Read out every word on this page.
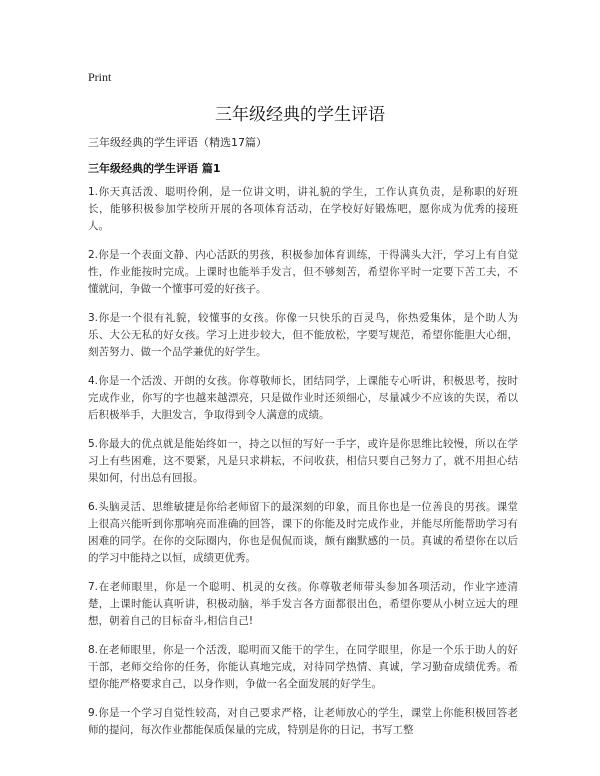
Print
三年级经典的学生评语
三年级经典的学生评语（精选17篇）
三年级经典的学生评语 篇1

1.你天真活泼、聪明伶俐，是一位讲文明，讲礼貌的学生，工作认真负责，是称职的好班长，能够积极参加学校所开展的各项体育活动，在学校好好锻炼吧，愿你成为优秀的接班人。

2.你是一个表面文静、内心活跃的男孩，积极参加体育训练，干得满头大汗，学习上有自觉性，作业能按时完成。上课时也能举手发言，但不够刻苦，希望你平时一定要下苦工夫，不懂就问，争做一个懂事可爱的好孩子。

3.你是一个很有礼貌，较懂事的女孩。你像一只快乐的百灵鸟，你热爱集体，是个助人为乐、大公无私的好女孩。学习上进步较大，但不能放松，字要写规范，希望你能胆大心细，刻苦努力、做一个品学兼优的好学生。

4.你是一个活泼、开朗的女孩。你尊敬师长，团结同学，上课能专心听讲，积极思考，按时完成作业，你写的字也越来越漂亮，只是做作业时还须细心，尽量减少不应该的失误，希以后积极举手，大胆发言，争取得到令人满意的成绩。

5.你最大的优点就是能始终如一，持之以恒的写好一手字，或许是你思维比较慢，所以在学习上有些困难，这不要紧，凡是只求耕耘，不问收获，相信只要自己努力了，就不用担心结果如何，付出总有回报。

6.头脑灵活、思维敏捷是你给老师留下的最深刻的印象，而且你也是一位善良的男孩。课堂上很高兴能听到你那响亮而准确的回答，课下的你能及时完成作业，并能尽所能帮助学习有困难的同学。在你的交际圈内，你也是侃侃而谈，颇有幽默感的一员。真诚的希望你在以后的学习中能持之以恒，成绩更优秀。

7.在老师眼里，你是一个聪明、机灵的女孩。你尊敬老师带头参加各项活动，作业字迹清楚，上课时能认真听讲，积极动脑，举手发言各方面都很出色，希望你要从小树立远大的理想，朝着自己的目标奋斗,相信自己!

8.在老师眼里，你是一个活泼，聪明而又能干的学生，在同学眼里，你是一个乐于助人的好干部，老师交给你的任务，你能认真地完成，对待同学热情、真诚，学习勤奋成绩优秀。希望你能严格要求自己，以身作则，争做一名全面发展的好学生。

9.你是一个学习自觉性较高，对自己要求严格，让老师放心的学生，课堂上你能积极回答老师的提问，每次作业都能保质保量的完成，特别是你的日记，书写工整
